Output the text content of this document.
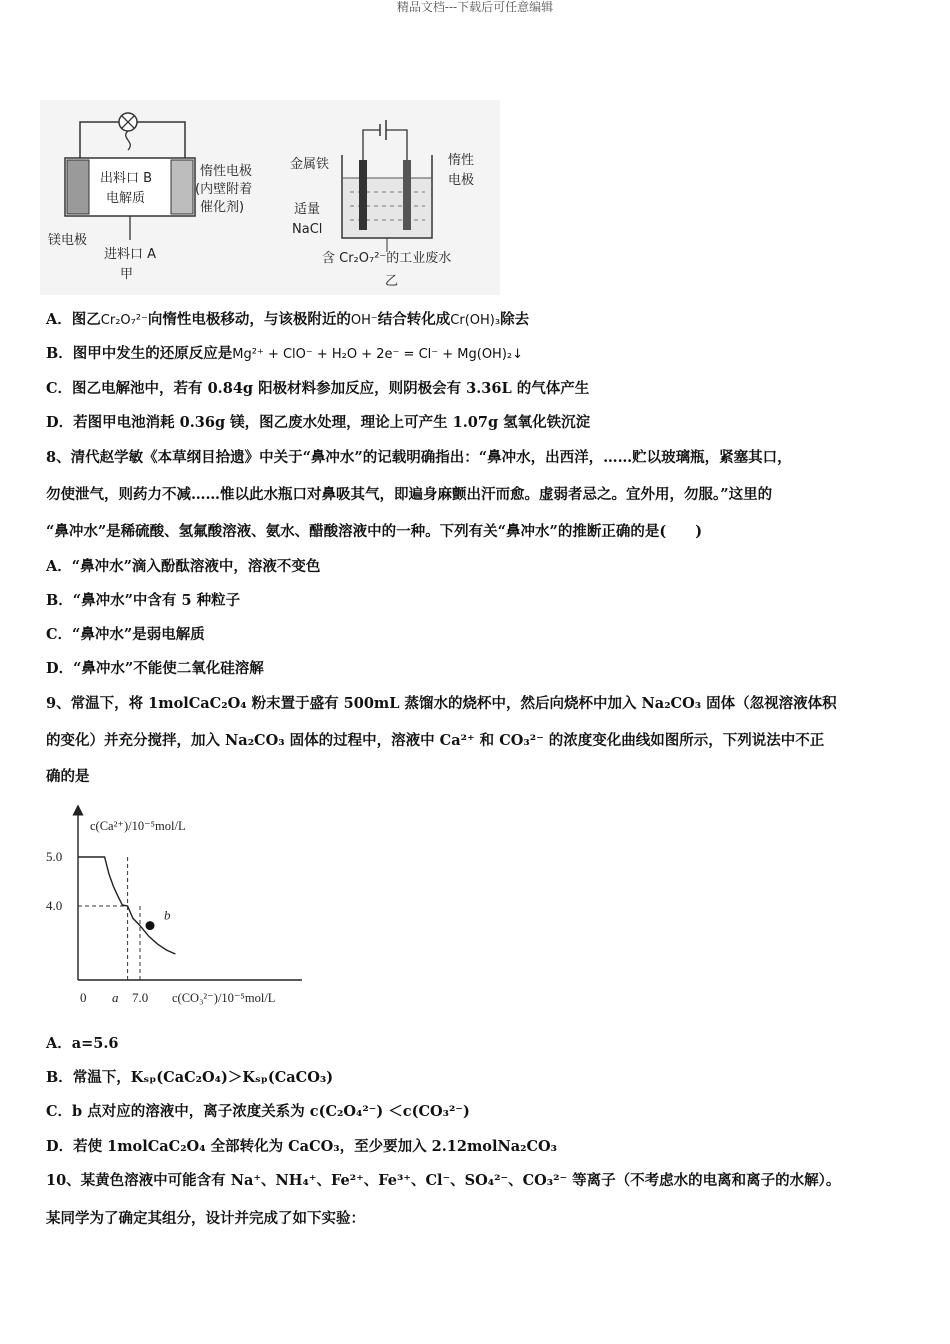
精品文档---下载后可任意编辑
出料口 B
电解质
惰性电极
(内壁附着
催化剂)
镁电极
进料口 A
甲
金属铁	惰性
电极
适量
NaCl
含 Cr₂O₇²⁻的工业废水
乙
A．图乙Cr₂O₇²⁻向惰性电极移动，与该极附近的OH⁻结合转化成Cr(OH)₃除去
B．图甲中发生的还原反应是Mg²⁺ + ClO⁻ + H₂O + 2e⁻ = Cl⁻ + Mg(OH)₂↓
C．图乙电解池中，若有 0.84g 阳极材料参加反应，则阴极会有 3.36L 的气体产生
D．若图甲电池消耗 0.36g 镁，图乙废水处理，理论上可产生 1.07g 氢氧化铁沉淀
8、清代赵学敏《本草纲目拾遗》中关于“鼻冲水”的记载明确指出：“鼻冲水，出西洋，……贮以玻璃瓶，紧塞其口，
勿使泄气，则药力不减……惟以此水瓶口对鼻吸其气，即遍身麻颤出汗而愈。虚弱者忌之。宜外用，勿服。”这里的
“鼻冲水”是稀硫酸、氢氟酸溶液、氨水、醋酸溶液中的一种。下列有关“鼻冲水”的推断正确的是(　　)
A．“鼻冲水”滴入酚酞溶液中，溶液不变色
B．“鼻冲水”中含有 5 种粒子
C．“鼻冲水”是弱电解质
D．“鼻冲水”不能使二氧化硅溶解
9、常温下，将 1molCaC₂O₄ 粉末置于盛有 500mL 蒸馏水的烧杯中，然后向烧杯中加入 Na₂CO₃ 固体（忽视溶液体积
的变化）并充分搅拌，加入 Na₂CO₃ 固体的过程中，溶液中 Ca²⁺ 和 CO₃²⁻ 的浓度变化曲线如图所示，下列说法中不正
确的是
c(Ca²⁺)/10⁻⁵mol/L
5.0
4.0
0 a 7.0 c(CO₃²⁻)/10⁻⁵mol/L
b
A．a=5.6
B．常温下，Kₛₚ(CaC₂O₄)＞Kₛₚ(CaCO₃)
C．b 点对应的溶液中，离子浓度关系为 c(C₂O₄²⁻) ＜c(CO₃²⁻)
D．若使 1molCaC₂O₄ 全部转化为 CaCO₃，至少要加入 2.12molNa₂CO₃
10、某黄色溶液中可能含有 Na⁺、NH₄⁺、Fe²⁺、Fe³⁺、Cl⁻、SO₄²⁻、CO₃²⁻ 等离子（不考虑水的电离和离子的水解）。
某同学为了确定其组分，设计并完成了如下实验：
